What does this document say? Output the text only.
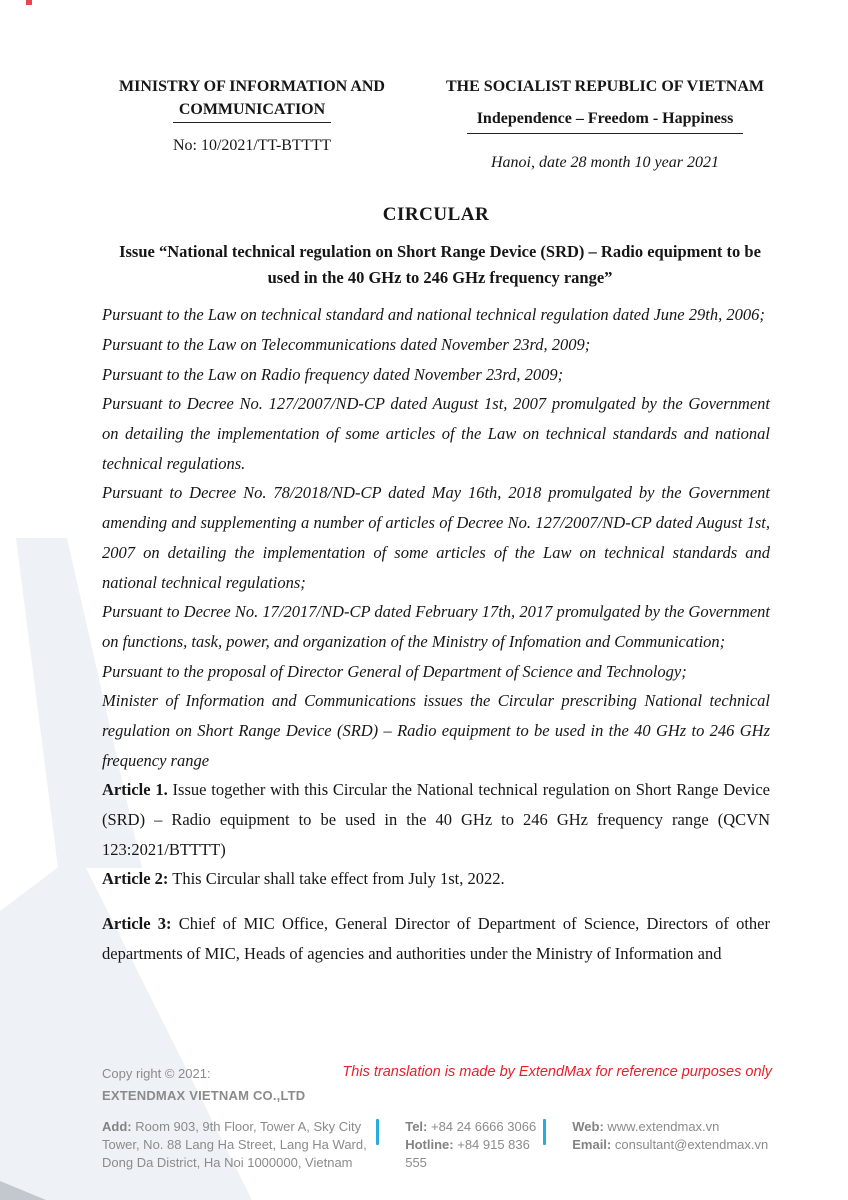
MINISTRY OF INFORMATION AND
COMMUNICATION
No: 10/2021/TT-BTTTT
THE SOCIALIST REPUBLIC OF VIETNAM
Independence – Freedom - Happiness
Hanoi, date 28 month 10 year 2021
CIRCULAR
Issue “National technical regulation on Short Range Device (SRD) – Radio equipment to be used in the 40 GHz to 246 GHz frequency range”

Pursuant to the Law on technical standard and national technical regulation dated June 29th, 2006;

Pursuant to the Law on Telecommunications dated November 23rd, 2009;

Pursuant to the Law on Radio frequency dated November 23rd, 2009;

Pursuant to Decree No. 127/2007/ND-CP dated August 1st, 2007 promulgated by the Government on detailing the implementation of some articles of the Law on technical standards and national technical regulations.

Pursuant to Decree No. 78/2018/ND-CP dated May 16th, 2018 promulgated by the Government amending and supplementing a number of articles of Decree No. 127/2007/ND-CP dated August 1st, 2007 on detailing the implementation of some articles of the Law on technical standards and national technical regulations;

Pursuant to Decree No. 17/2017/ND-CP dated February 17th, 2017 promulgated by the Government on functions, task, power, and organization of the Ministry of Infomation and Communication;

Pursuant to the proposal of Director General of Department of Science and Technology;

Minister of Information and Communications issues the Circular prescribing National technical regulation on Short Range Device (SRD) – Radio equipment to be used in the 40 GHz to 246 GHz frequency range

Article 1. Issue together with this Circular the National technical regulation on Short Range Device (SRD) – Radio equipment to be used in the 40 GHz to 246 GHz frequency range (QCVN 123:2021/BTTTT)

Article 2: This Circular shall take effect from July 1st, 2022.

Article 3: Chief of MIC Office, General Director of Department of Science, Directors of other departments of MIC, Heads of agencies and authorities under the Ministry of Information and

Copy right © 2021:	This translation is made by ExtendMax for reference purposes only
EXTENDMAX VIETNAM CO.,LTD
Add: Room 903, 9th Floor, Tower A, Sky City Tower, No. 88 Lang Ha Street, Lang Ha Ward, Dong Da District, Ha Noi 1000000, Vietnam
Tel: +84 24 6666 3066
Hotline: +84 915 836 555
Web: www.extendmax.vn
Email: consultant@extendmax.vn
